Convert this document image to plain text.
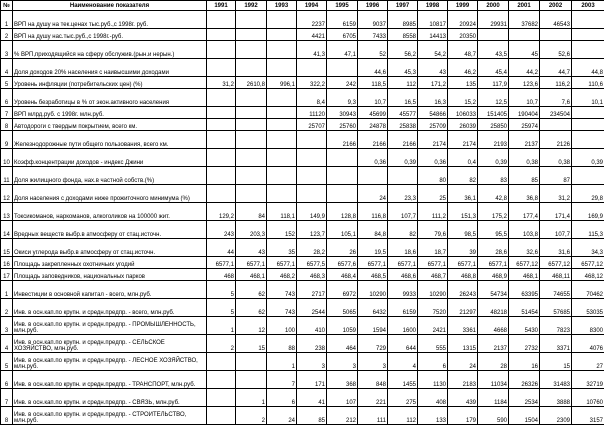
№	Наименование показателя	1991	1992	1993	1994	1995	1996	1997	1998	1999	2000	2001	2002	2003
1	ВРП на душу на тек.ценах тыс.руб.,с 1998г. руб.				2237	6159	9037	8985	10817	20924	29931	37682	46543	
2	ВРП на душу нас.тыс.руб.,с 1998г.-руб.				4421	6705	7433	8558	14413	20350				
3	% ВРП,приходящийся на сферу обслужив.(рын.и нерын.)				41,3	47,1	52	56,2	54,2	48,7	43,5	45	52,6	
4	Доля доходов 20% населения с наивысшими доходами						44,6	45,3	43	46,2	45,4	44,2	44,7	44,8
5	Уровень инфляции (потребительских цен) (%)	31,2	2610,8	996,1	322,2	242	118,5	112	171,2	135	117,9	123,6	116,2	110,6
6	Уровень безработицы в % от экон.активного населения				8,4	9,3	10,7	16,5	16,3	15,2	12,5	10,7	7,6	10,1
7	ВРП млрд.руб. с 1998г. млн.руб.				11120	30943	45699	45577	54866	106033	151405	190404	234504	
8	Автодороги с твердым покрытием, всего км.				25707	25760	24878	25838	25709	26039	25850	25974		
9	Железнодорожные пути общего пользования, всего км.					2166	2166	2166	2174	2174	2193	2137	2126	
10	Коэфф.концентрации доходов - индекс Джини						0,36	0,39	0,36	0,4	0,39	0,38	0,38	0,39
11	Доля жилищного фонда, нах.в частной собств.(%)								80	82	83	85	87	
12	Доля населения с доходами ниже прожиточного минимума (%)						24	23,3	25	36,1	42,8	36,8	31,2	29,8
13	Токсикоманов, наркоманов, алкоголиков на 100000 жит.	129,2	84	118,1	149,9	128,8	116,8	107,7	111,2	151,3	175,2	177,4	171,4	169,9
14	Вредных веществ выбр.в атмосферу от стац.источн.	243	203,3	152	123,7	105,1	84,8	82	79,6	98,5	95,5	103,8	107,7	115,3
15	Окиси углерода выбр.в атмосферу от стац.источн.	44	43	35	28,2	26	19,5	18,6	18,7	39	28,6	32,6	31,6	34,3
16	Площадь закрепленных охотничьих угодий	6577,1	6577,1	6577,1	6577,5	6577,6	6577,1	6577,1	6577,1	6577,1	6577,1	6577,12	6577,12	6577,12
17	Площадь заповедников, национальных парков	468	468,1	468,2	468,3	468,4	468,5	468,6	468,7	468,8	468,9	468,1	468,11	468,12
1	Инвестиции в основной капитал - всего, млн.руб.	5	62	743	2717	6972	10290	9933	10290	26243	54734	63395	74655	70462
2	Инв. в осн.кап.по крупн. и средн.предпр. - всего, млн.руб.	5	62	743	2544	5065	6432	6159	7520	21297	48218	51454	57685	53035
3	Инв. в осн.кап.по крупн. и средн.предпр. - ПРОМЫШЛЕННОСТЬ, млн.руб.	1	12	100	410	1059	1594	1600	2421	3361	4668	5430	7823	8300
4	Инв. в осн.кап.по крупн. и средн.предпр. - СЕЛЬСКОЕ ХОЗЯЙСТВО, млн.руб.	2	15	88	238	464	729	644	555	1315	2137	2732	3371	4076
5	Инв. в осн.кап.по крупн. и средн.предпр. - ЛЕСНОЕ ХОЗЯЙСТВО, млн.руб.			1	3	3	3	4	6	24	28	16	15	27
6	Инв. в осн.кап.по крупн. и средн.предпр. - ТРАНСПОРТ, млн.руб.			7	171	368	848	1455	1130	2183	11034	26326	31483	32719
7	Инв. в осн.кап.по крупн. и средн.предпр. - СВЯЗЬ, млн.руб.		1	6	41	107	221	275	408	439	1184	2534	3888	10760
8	Инв. в осн.кап.по крупн. и средн.предпр. - СТРОИТЕЛЬСТВО, млн.руб.		2	24	85	212	111	112	133	179	590	1504	2309	3157
